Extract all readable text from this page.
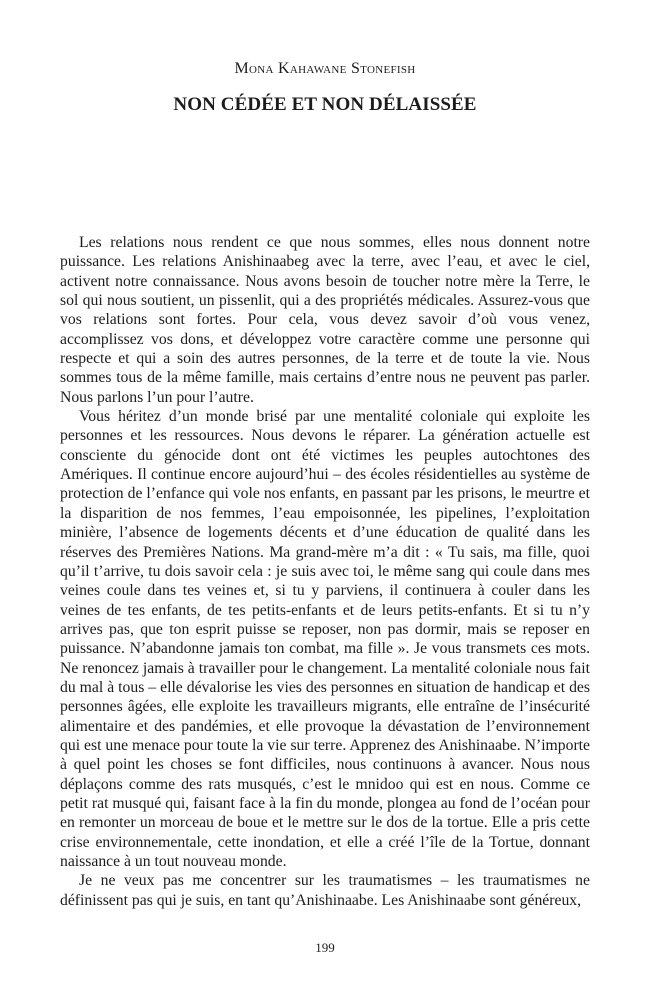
Mona Kahawane Stonefish
NON CÉDÉE ET NON DÉLAISSÉE

Les relations nous rendent ce que nous sommes, elles nous donnent notre puissance. Les relations Anishinaabeg avec la terre, avec l’eau, et avec le ciel, activent notre connaissance. Nous avons besoin de toucher notre mère la Terre, le sol qui nous soutient, un pissenlit, qui a des propriétés médicales. Assurez-vous que vos relations sont fortes. Pour cela, vous devez savoir d’où vous venez, accomplissez vos dons, et développez votre caractère comme une personne qui respecte et qui a soin des autres personnes, de la terre et de toute la vie. Nous sommes tous de la même famille, mais certains d’entre nous ne peuvent pas parler. Nous parlons l’un pour l’autre.

Vous héritez d’un monde brisé par une mentalité coloniale qui exploite les personnes et les ressources. Nous devons le réparer. La génération actuelle est consciente du génocide dont ont été victimes les peuples autochtones des Amériques. Il continue encore aujourd’hui – des écoles résidentielles au système de protection de l’enfance qui vole nos enfants, en passant par les prisons, le meurtre et la disparition de nos femmes, l’eau empoisonnée, les pipelines, l’exploitation minière, l’absence de logements décents et d’une éducation de qualité dans les réserves des Premières Nations. Ma grand-mère m’a dit : « Tu sais, ma fille, quoi qu’il t’arrive, tu dois savoir cela : je suis avec toi, le même sang qui coule dans mes veines coule dans tes veines et, si tu y parviens, il continuera à couler dans les veines de tes enfants, de tes petits-enfants et de leurs petits-enfants. Et si tu n’y arrives pas, que ton esprit puisse se reposer, non pas dormir, mais se reposer en puissance. N’abandonne jamais ton combat, ma fille ». Je vous transmets ces mots. Ne renoncez jamais à travailler pour le changement. La mentalité coloniale nous fait du mal à tous – elle dévalorise les vies des personnes en situation de handicap et des personnes âgées, elle exploite les travailleurs migrants, elle entraîne de l’insécurité alimentaire et des pandémies, et elle provoque la dévastation de l’environnement qui est une menace pour toute la vie sur terre. Apprenez des Anishinaabe. N’importe à quel point les choses se font difficiles, nous continuons à avancer. Nous nous déplaçons comme des rats musqués, c’est le mnidoo qui est en nous. Comme ce petit rat musqué qui, faisant face à la fin du monde, plongea au fond de l’océan pour en remonter un morceau de boue et le mettre sur le dos de la tortue. Elle a pris cette crise environnementale, cette inondation, et elle a créé l’île de la Tortue, donnant naissance à un tout nouveau monde.

Je ne veux pas me concentrer sur les traumatismes – les traumatismes ne définissent pas qui je suis, en tant qu’Anishinaabe. Les Anishinaabe sont généreux,

199
